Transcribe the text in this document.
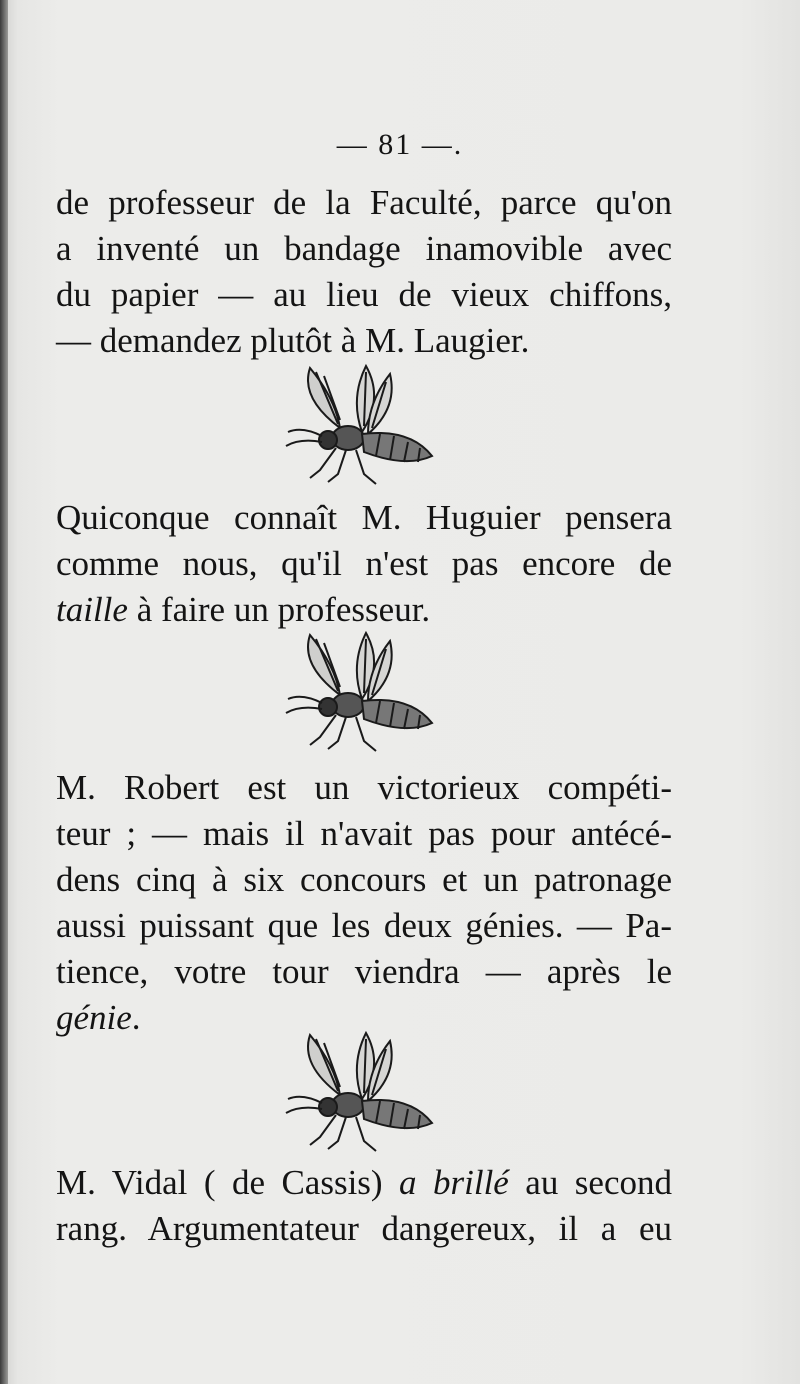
— 81 —.
de professeur de la Faculté, parce qu'on
a inventé un bandage inamovible avec
du papier — au lieu de vieux chiffons,
— demandez plutôt à M. Laugier.
Quiconque connaît M. Huguier pensera
comme nous, qu'il n'est pas encore de
taille à faire un professeur.
M. Robert est un victorieux compéti-
teur ; — mais il n'avait pas pour antécé-
dens cinq à six concours et un patronage
aussi puissant que les deux génies. — Pa-
tience, votre tour viendra — après le
génie.
M. Vidal ( de Cassis) a brillé au second
rang. Argumentateur dangereux, il a eu
